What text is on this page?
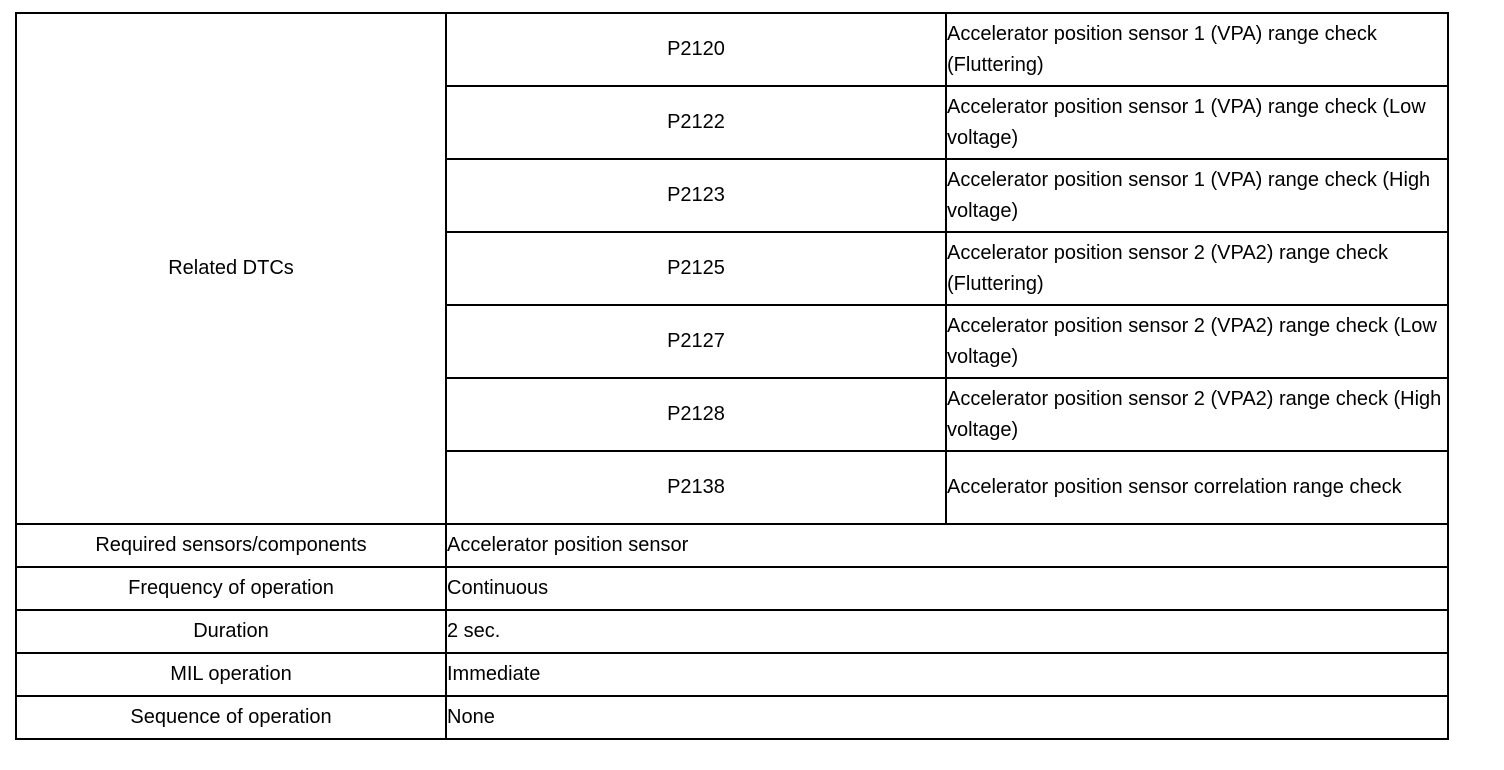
Related DTCs	P2120	Accelerator position sensor 1 (VPA) range check (Fluttering)
	P2122	Accelerator position sensor 1 (VPA) range check (Low voltage)
	P2123	Accelerator position sensor 1 (VPA) range check (High voltage)
	P2125	Accelerator position sensor 2 (VPA2) range check (Fluttering)
	P2127	Accelerator position sensor 2 (VPA2) range check (Low voltage)
	P2128	Accelerator position sensor 2 (VPA2) range check (High voltage)
	P2138	Accelerator position sensor correlation range check
Required sensors/components	Accelerator position sensor	
Frequency of operation	Continuous	
Duration	2 sec.	
MIL operation	Immediate	
Sequence of operation	None	
